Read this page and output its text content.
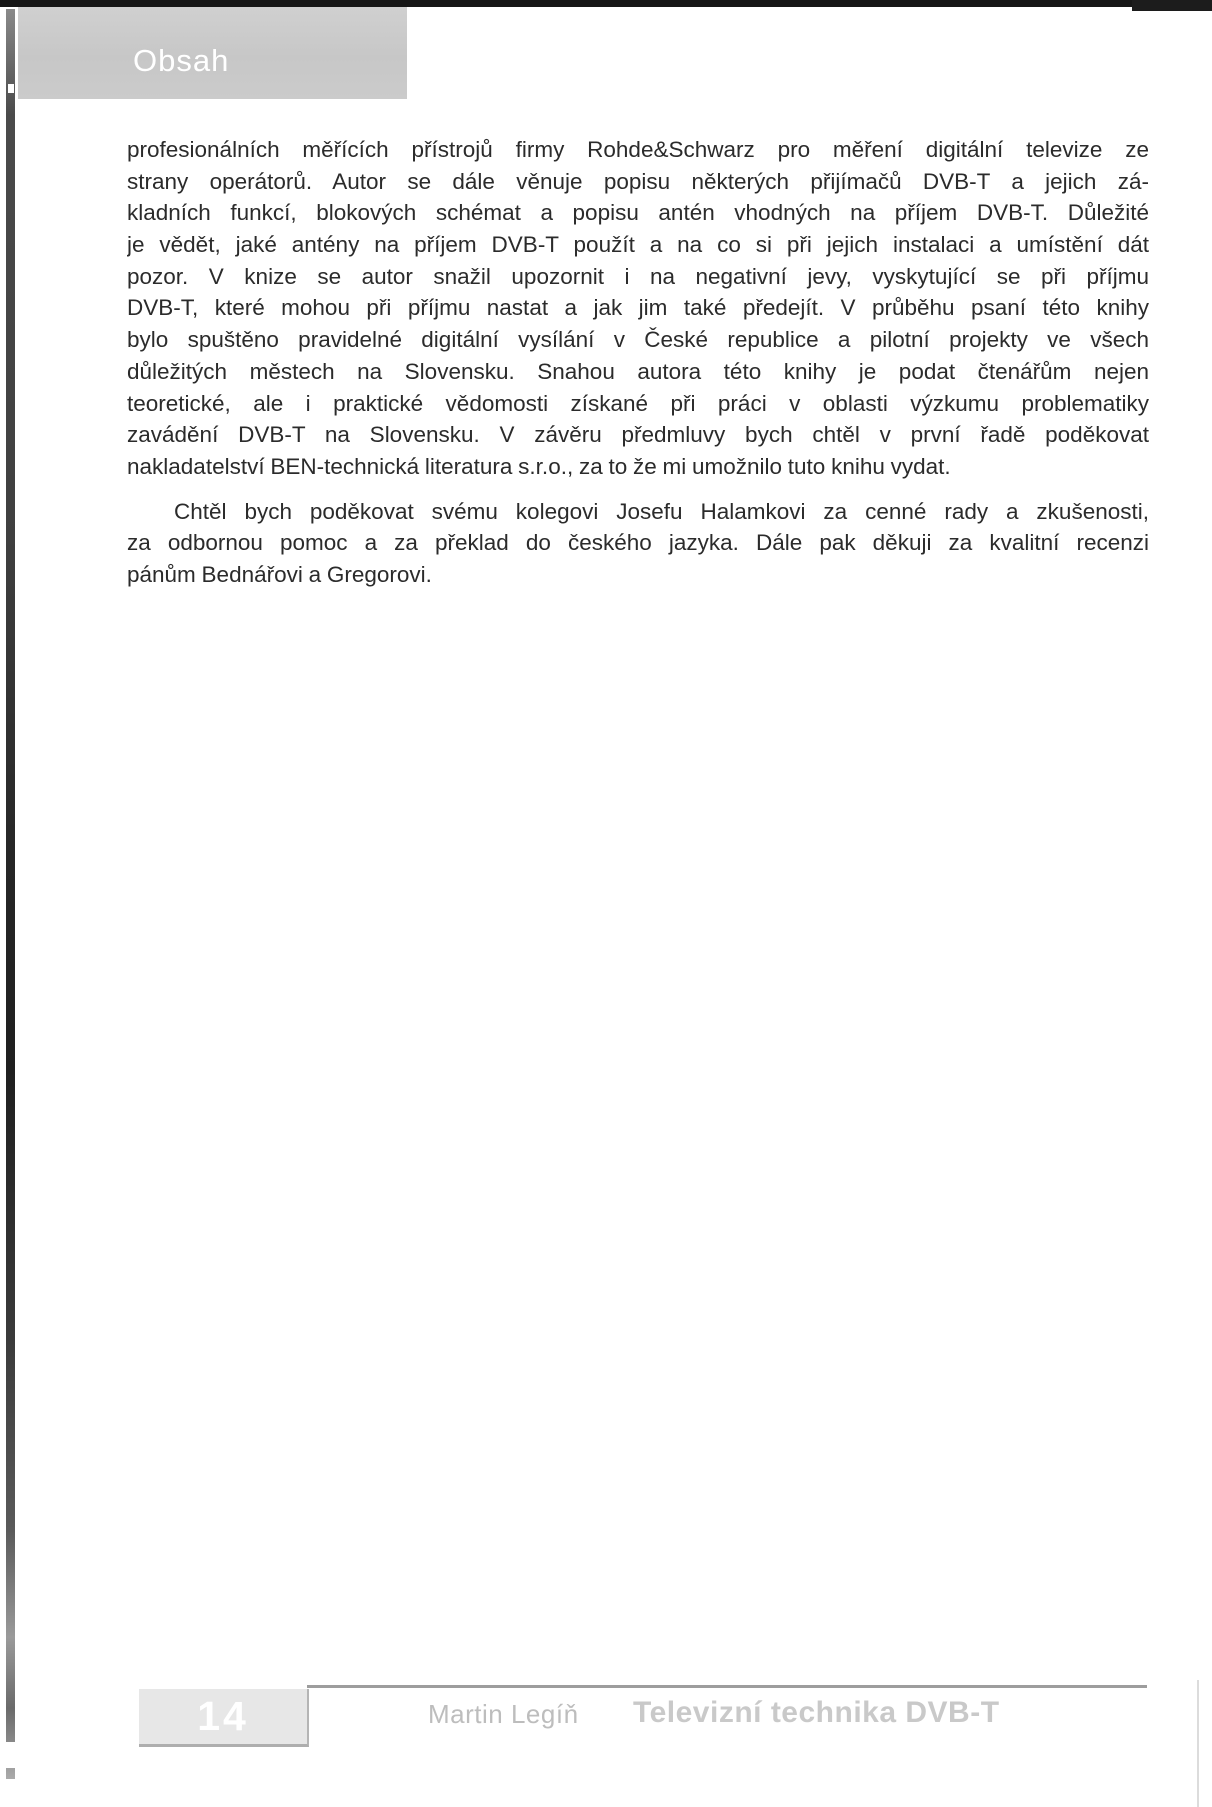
Obsah
profesionálních měřících přístrojů firmy Rohde&Schwarz pro měření digitální televize ze
strany operátorů. Autor se dále věnuje popisu některých přijímačů DVB-T a jejich zá-
kladních funkcí, blokových schémat a popisu antén vhodných na příjem DVB-T. Důležité
je vědět, jaké antény na příjem DVB-T použít a na co si při jejich instalaci a umístění dát
pozor. V knize se autor snažil upozornit i na negativní jevy, vyskytující se při příjmu
DVB-T, které mohou při příjmu nastat a jak jim také předejít. V průběhu psaní této knihy
bylo spuštěno pravidelné digitální vysílání v České republice a pilotní projekty ve všech
důležitých městech na Slovensku. Snahou autora této knihy je podat čtenářům nejen
teoretické, ale i praktické vědomosti získané při práci v oblasti výzkumu problematiky
zavádění DVB-T na Slovensku. V závěru předmluvy bych chtěl v první řadě poděkovat
nakladatelství BEN-technická literatura s.r.o., za to že mi umožnilo tuto knihu vydat.
Chtěl bych poděkovat svému kolegovi Josefu Halamkovi za cenné rady a zkušenosti,
za odbornou pomoc a za překlad do českého jazyka. Dále pak děkuji za kvalitní recenzi
pánům Bednářovi a Gregorovi.
14	Martin Legíň Televizní technika DVB-T
